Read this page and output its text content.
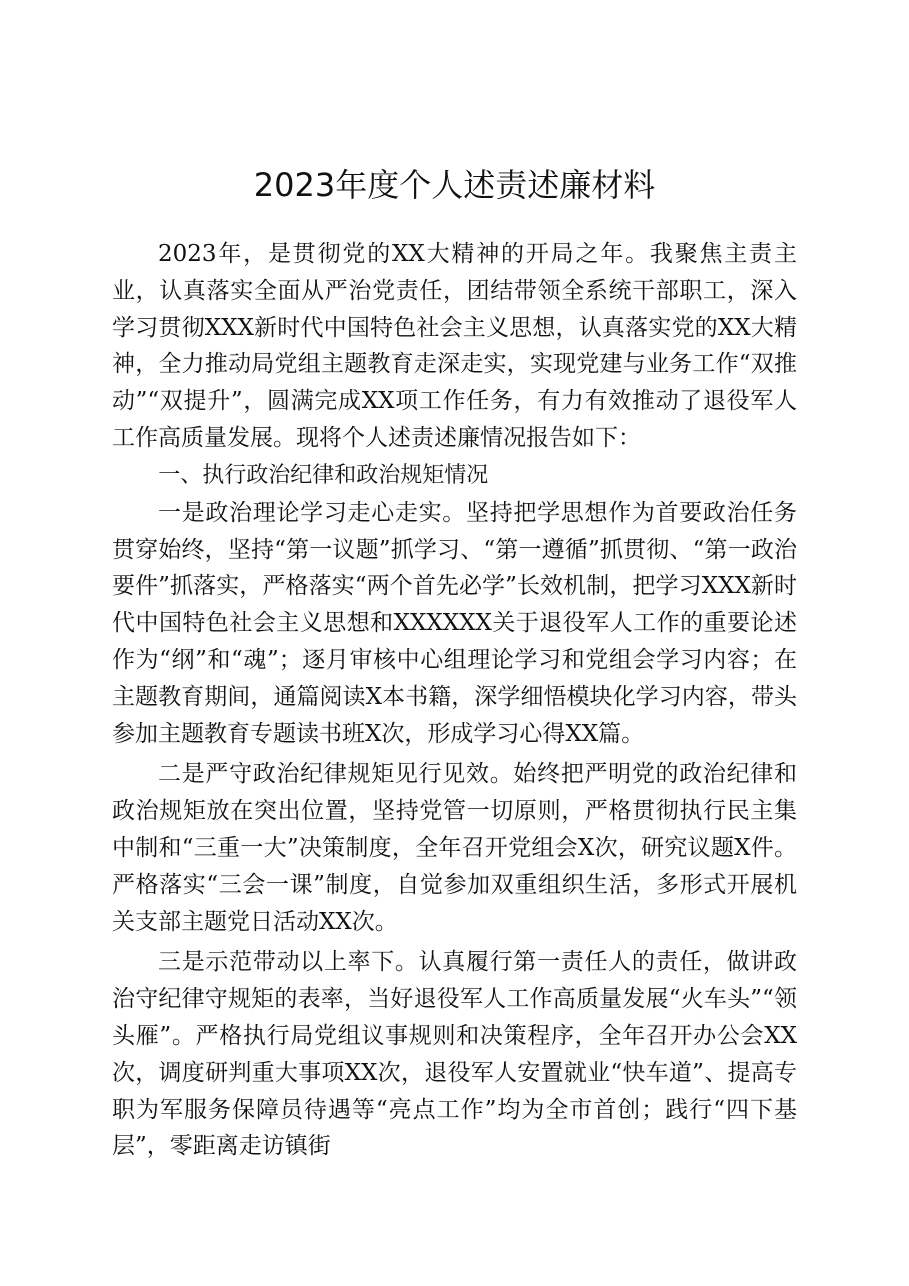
2023年度个人述责述廉材料

2023年，是贯彻党的XX大精神的开局之年。我聚焦主责主业，认真落实全面从严治党责任，团结带领全系统干部职工，深入学习贯彻XXX新时代中国特色社会主义思想，认真落实党的XX大精神，全力推动局党组主题教育走深走实，实现党建与业务工作“双推动”“双提升”，圆满完成XX项工作任务，有力有效推动了退役军人工作高质量发展。现将个人述责述廉情况报告如下：

一、执行政治纪律和政治规矩情况

一是政治理论学习走心走实。坚持把学思想作为首要政治任务贯穿始终，坚持“第一议题”抓学习、“第一遵循”抓贯彻、“第一政治要件”抓落实，严格落实“两个首先必学”长效机制，把学习XXX新时代中国特色社会主义思想和XXXXXX关于退役军人工作的重要论述作为“纲”和“魂”；逐月审核中心组理论学习和党组会学习内容；在主题教育期间，通篇阅读X本书籍，深学细悟模块化学习内容，带头参加主题教育专题读书班X次，形成学习心得XX篇。

二是严守政治纪律规矩见行见效。始终把严明党的政治纪律和政治规矩放在突出位置，坚持党管一切原则，严格贯彻执行民主集中制和“三重一大”决策制度，全年召开党组会X次，研究议题X件。严格落实“三会一课”制度，自觉参加双重组织生活，多形式开展机关支部主题党日活动XX次。

三是示范带动以上率下。认真履行第一责任人的责任，做讲政治守纪律守规矩的表率，当好退役军人工作高质量发展“火车头”“领头雁”。严格执行局党组议事规则和决策程序，全年召开办公会XX次，调度研判重大事项XX次，退役军人安置就业“快车道”、提高专职为军服务保障员待遇等“亮点工作”均为全市首创；践行“四下基层”，零距离走访镇街
